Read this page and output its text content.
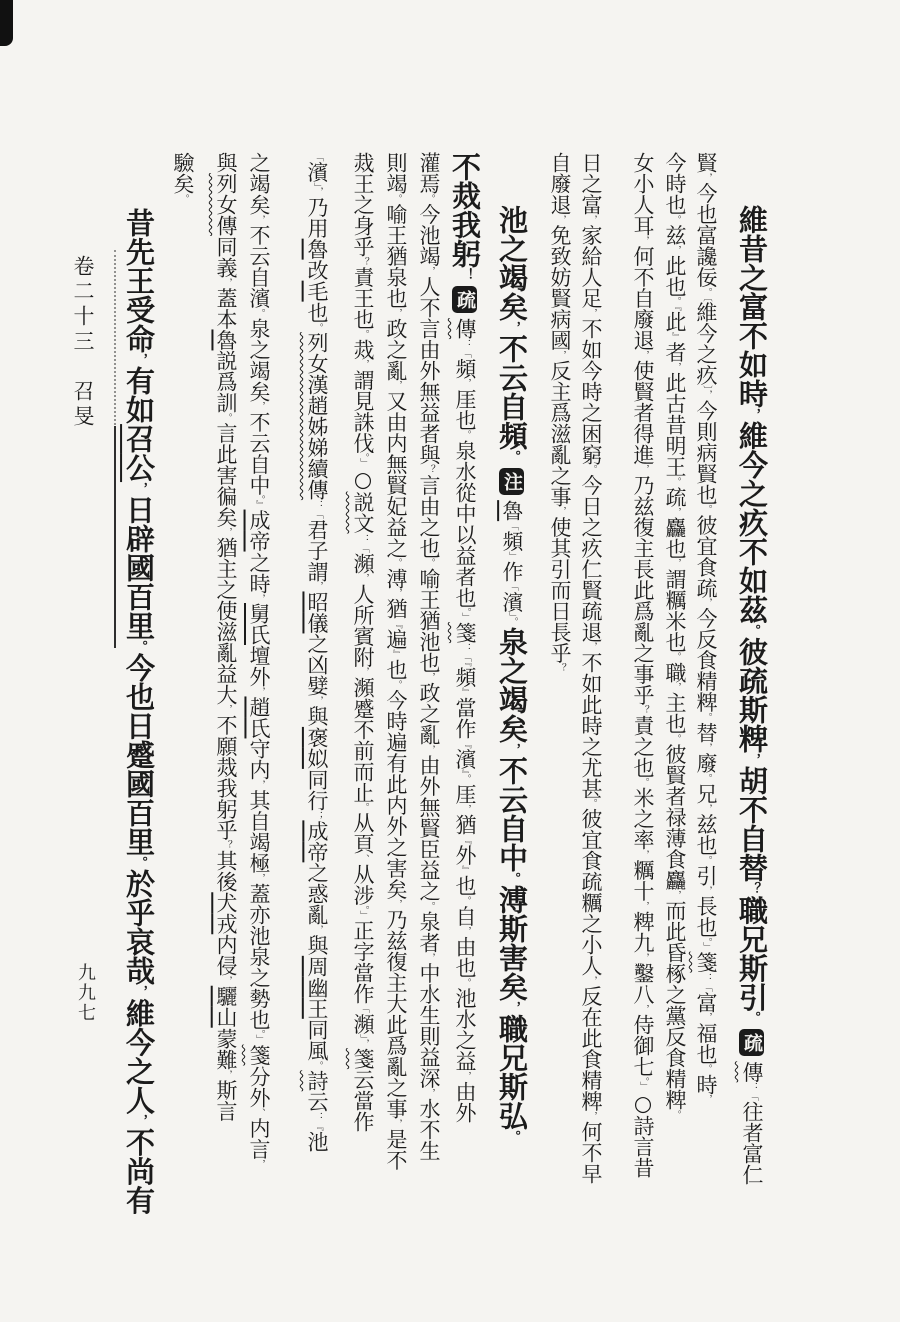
維昔之富不如時，維今之疚不如茲。彼疏斯粺，胡不自替？職兄斯引。疏傳：「往者富仁
賢，今也富讒佞。〔維今之疚〕，今則病賢也。彼宜食疏，今反食精粺。替，廢。兄，兹也。引，長也。」箋：「富，福也。時，
今時也。兹，此也。『此』者，此古昔明王。疏，麤也，謂糲米也。職，主也。彼賢者禄薄食麤，而此昏椓之黨反食精粺。
女小人耳，何不自廢退，使賢者得進，乃兹復主長此爲亂之事乎？責之也。米之率，糲十，粺九，鑿八，侍御七。」○詩言昔
日之富，家給人足，不如今時之困窮。今日之疚仁賢疏退，不如此時之尤甚。彼宜食疏糲之小人，反在此食精粺，何不早
自廢退，免致妨賢病國，反主爲滋亂之事，使其引而日長乎？
池之竭矣，不云自頻。注魯「頻」作「濱」。泉之竭矣，不云自中。溥斯害矣，職兄斯弘。
不烖我躬！疏傳：「頻，厓也。泉水從中以益者也。」箋：「『頻』當作『濱』。厓，猶『外』也。自，由也。池水之益，由外
灌焉。今池竭，人不言由外無益者與？言由之也。喻王猶池也，政之亂，由外無賢臣益之。泉者，中水生則益深，水不生
則竭。喻王猶泉也，政之亂，又由内無賢妃益之。溥，猶『遍』也。今時遍有此内外之害矣，乃兹復主大此爲亂之事，是不
烖王之身乎？責王也。烖，謂見誅伐。」○説文：「瀕，人所賓附，瀕蹙不前而止。从頁、从涉。」正字當作「瀕」，箋云當作
「濱」，乃用魯改毛也。列女漢趙姊娣續傳：「君子謂，昭儀之凶嬖，與褒姒同行；成帝之惑亂，與周幽王同風。詩云：『池
之竭矣，不云自濱。泉之竭矣，不云自中。』成帝之時，舅氏壇外，趙氏守内，其自竭極，蓋亦池泉之勢也。」箋分外、内言，
與列女傳同義，蓋本魯説爲訓。言此害徧矣，猶主之使滋亂益大，不願烖我躬乎？其後犬戎内侵，驪山蒙難，斯言
驗矣。
昔先王受命，有如召公，日辟國百里。今也日蹙國百里。於乎哀哉，維今之人，不尚有
卷二十三　召旻
九九七
